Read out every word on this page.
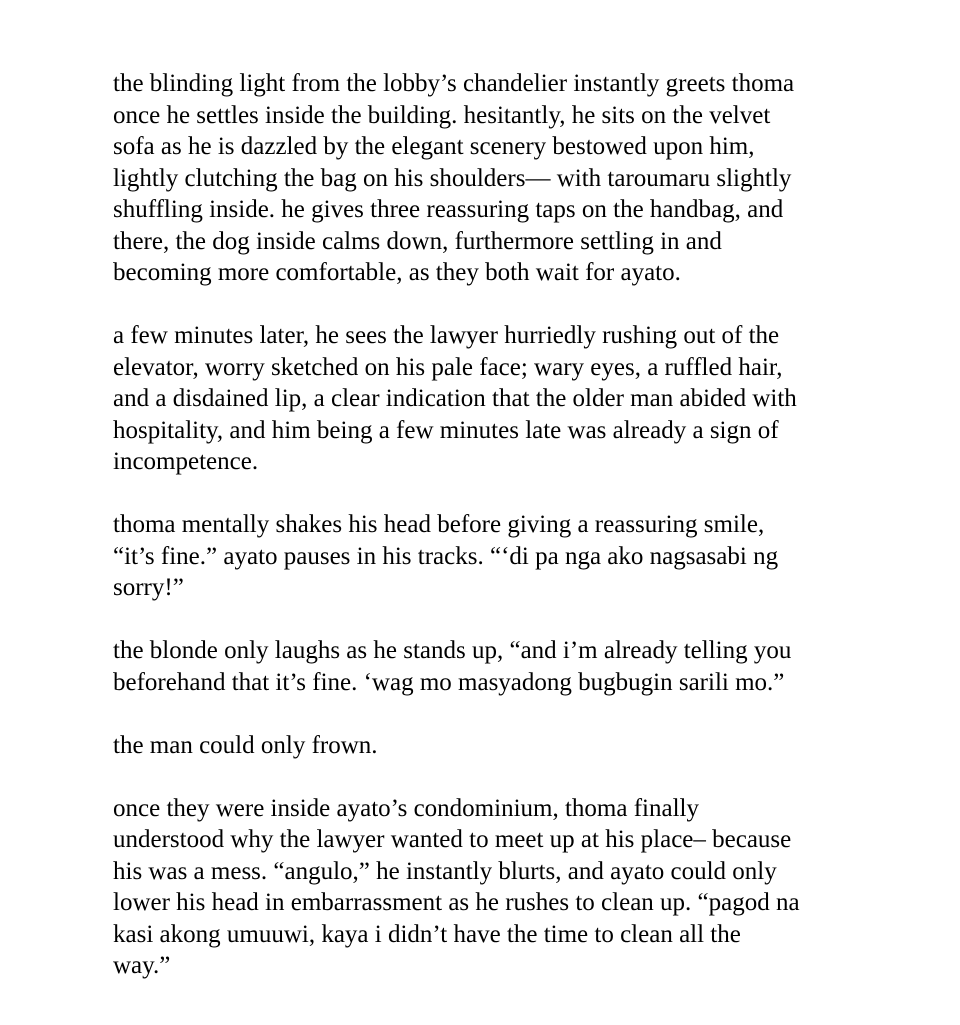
the blinding light from the lobby’s chandelier instantly greets thoma
once he settles inside the building. hesitantly, he sits on the velvet
sofa as he is dazzled by the elegant scenery bestowed upon him,
lightly clutching the bag on his shoulders— with taroumaru slightly
shuffling inside. he gives three reassuring taps on the handbag, and
there, the dog inside calms down, furthermore settling in and
becoming more comfortable, as they both wait for ayato.

a few minutes later, he sees the lawyer hurriedly rushing out of the
elevator, worry sketched on his pale face; wary eyes, a ruffled hair,
and a disdained lip, a clear indication that the older man abided with
hospitality, and him being a few minutes late was already a sign of
incompetence.

thoma mentally shakes his head before giving a reassuring smile,
“it’s fine.” ayato pauses in his tracks. “‘di pa nga ako nagsasabi ng
sorry!”

the blonde only laughs as he stands up, “and i’m already telling you
beforehand that it’s fine. ‘wag mo masyadong bugbugin sarili mo.”

the man could only frown.

once they were inside ayato’s condominium, thoma finally
understood why the lawyer wanted to meet up at his place– because
his was a mess. “angulo,” he instantly blurts, and ayato could only
lower his head in embarrassment as he rushes to clean up. “pagod na
kasi akong umuuwi, kaya i didn’t have the time to clean all the
way.”
